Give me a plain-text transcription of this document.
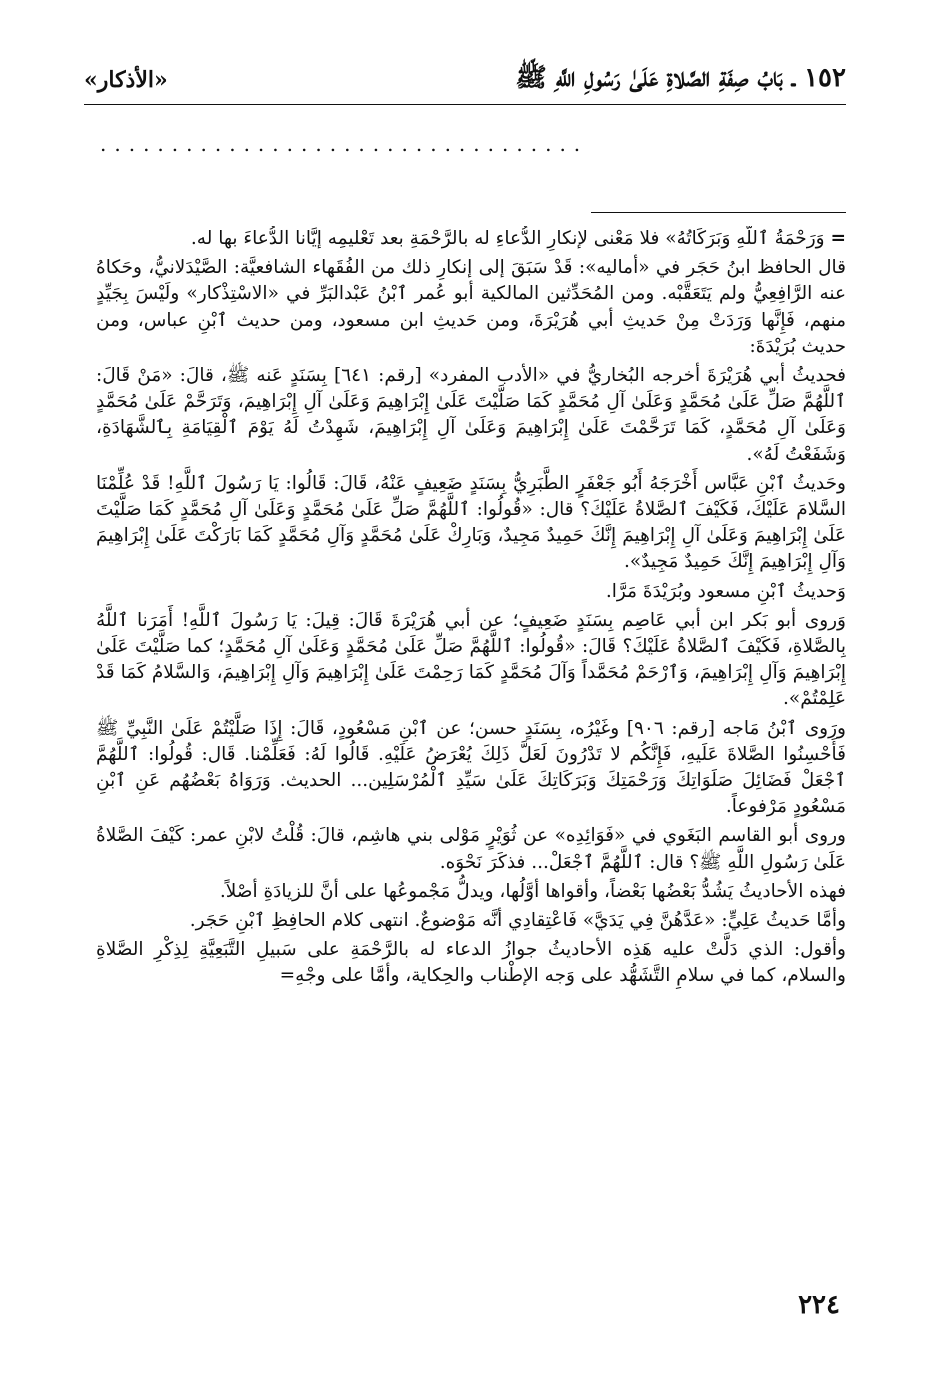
١٥٢ ـ بَابُ صِفَةِ الصَّلاةِ عَلَىٰ رَسُولِ اللَّهِ ﷺ
«الأذكار»
..................................

= وَرَحْمَةُ ٱللَّهِ وَبَرَكَاتُهُ» فلا مَعْنى لإنكارِ الدُّعاءِ له بالرَّحْمَةِ بعد تَعْليمِه إيَّانا الدُّعاءَ بها له.

قال الحافظ ابنُ حَجَر في «أماليه»: قَدْ سَبَقَ إلى إنكارِ ذلك من الفُقَهاء الشافعيَّة: الصَّيْدَلانيُّ، وحَكاهُ عنه الرَّافِعِيُّ ولم يَتَعَقَّبْه. ومن المُحَدِّثين المالكية أبو عُمر ٱبْنُ عَبْدالبَرِّ في «الاسْتِذْكار» ولَيْسَ بِجَيِّدٍ منهم، فَإِنَّها وَرَدَتْ مِنْ حَديثِ أبي هُرَيْرَةَ، ومن حَديثِ ابن مسعود، ومن حديث ٱبْنِ عباس، ومن حديث بُرَيْدَةَ:

فحديثُ أبي هُرَيْرَةَ أخرجه البُخاريُّ في «الأدب المفرد» [رقم: ٦٤١] بِسَنَدٍ عَنه ﷺ، قالَ: «مَنْ قَالَ: ٱللَّهُمَّ صَلِّ عَلَىٰ مُحَمَّدٍ وَعَلَىٰ آلِ مُحَمَّدٍ كَمَا صَلَّيْتَ عَلَىٰ إِبْرَاهِيمَ وَعَلَىٰ آلِ إِبْرَاهِيمَ، وَتَرَحَّمْ عَلَىٰ مُحَمَّدٍ وَعَلَىٰ آلِ مُحَمَّدٍ، كَمَا تَرَحَّمْتَ عَلَىٰ إِبْرَاهِيمَ وَعَلَىٰ آلِ إِبْرَاهِيمَ، شَهِدْتُ لَهُ يَوْمَ ٱلْقِيَامَةِ بِٱلشَّهَادَةِ، وَشَفَعْتُ لَهُ».

وحَديثُ ٱبْنِ عَبَّاس أَخْرَجَهُ أَبُو جَعْفَرٍ الطَّبَرِيُّ بِسَنَدٍ ضَعِيفٍ عَنْهُ، قَالَ: قَالُوا: يَا رَسُولَ ٱللَّهِ! قَدْ عُلِّمْنَا السَّلامَ عَلَيْكَ، فَكَيْفَ ٱلصَّلاةُ عَلَيْكَ؟ قال: «قُولُوا: ٱللَّهُمَّ صَلِّ عَلَىٰ مُحَمَّدٍ وَعَلَىٰ آلِ مُحَمَّدٍ كَمَا صَلَّيْتَ عَلَىٰ إِبْرَاهِيمَ وَعَلَىٰ آلِ إِبْرَاهِيمَ إِنَّكَ حَمِيدٌ مَجِيدٌ، وَبَارِكْ عَلَىٰ مُحَمَّدٍ وَآلِ مُحَمَّدٍ كَمَا بَارَكْتَ عَلَىٰ إِبْرَاهِيمَ وَآلِ إِبْرَاهِيمَ إِنَّكَ حَمِيدٌ مَجِيدٌ».

وَحديثُ ٱبْنِ مسعود وبُرَيْدَةَ مَرَّا.

وَروى أبو بَكر ابن أبي عَاصِم بِسَنَدٍ ضَعِيفٍ؛ عن أبي هُرَيْرَةَ قَالَ: قِيلَ: يَا رَسُولَ ٱللَّهِ! أَمَرَنا ٱللَّهُ بِالصَّلاةِ، فَكَيْفَ ٱلصَّلاةُ عَلَيْكَ؟ قَالَ: «قُولُوا: ٱللَّهُمَّ صَلِّ عَلَىٰ مُحَمَّدٍ وَعَلَىٰ آلِ مُحَمَّدٍ؛ كما صَلَّيْتَ عَلَىٰ إِبْرَاهِيمَ وَآلِ إِبْرَاهِيمَ، وَٱرْحَمْ مُحَمَّداً وَآلَ مُحَمَّدٍ كَمَا رَحِمْتَ عَلَىٰ إِبْرَاهِيمَ وَآلِ إِبْرَاهِيمَ، وَالسَّلامُ كَمَا قَدْ عَلِمْتُمْ».

ورَوى ٱبْنُ مَاجه [رقم: ٩٠٦] وغَيْرُه، بِسَنَدٍ حسن؛ عن ٱبْنِ مَسْعُودٍ، قَالَ: إِذَا صَلَّيْتُمْ عَلَىٰ النَّبِيِّ ﷺ فَأَحْسِنُوا الصَّلاةَ عَلَيهِ، فَإِنَّكُم لا تَدْرُونَ لَعَلَّ ذَلِكَ يُعْرَضُ عَلَيْهِ. قَالُوا لَهُ: فَعَلِّمْنا. قَال: قُولُوا: ٱللَّهُمَّ ٱجْعَلْ فَضَائِلَ صَلَوَاتِكَ وَرَحْمَتِكَ وَبَرَكَاتِكَ عَلَىٰ سَيِّدِ ٱلْمُرْسَلِين... الحديث. وَرَوَاهُ بَعْضُهُم عَنِ ٱبْنِ مَسْعُودٍ مَرْفوعاً.

وروى أبو القاسم البَغَوي في «فَوَائِدِه» عن ثُوَيْرٍ مَوْلى بني هاشِم، قالَ: قُلْتُ لابْنِ عمر: كَيْفَ الصَّلاةُ عَلَىٰ رَسُولِ اللَّهِ ﷺ؟ قال: ٱللَّهُمَّ ٱجْعَلْ... فذكَرَ نَحْوَه.

فهذه الأحاديثُ يَشُدُّ بَعْضُها بَعْضاً، وأقواها أوَّلُها، ويدلُّ مَجْموعُها على أنَّ للزيادَةِ أصْلاً.

وأمَّا حَديثُ عَلِيٍّ: «عَدَّهُنَّ فِي يَدَيَّ» فَاعْتِقادِي أنَّه مَوْضوعٌ. انتهى كلام الحافِظِ ٱبْنِ حَجَر.

وأقول: الذي دَلَّتْ عليه هَذِه الأحاديثُ جوازُ الدعاء له بالرَّحْمَةِ على سَبيلِ التَّبَعِيَّةِ لِذِكْرِ الصَّلاةِ والسلام، كما في سلامِ التَّشَهُّد على وَجه الإطْناب والحِكاية، وأمَّا على وجْهِ=

٢٢٤
